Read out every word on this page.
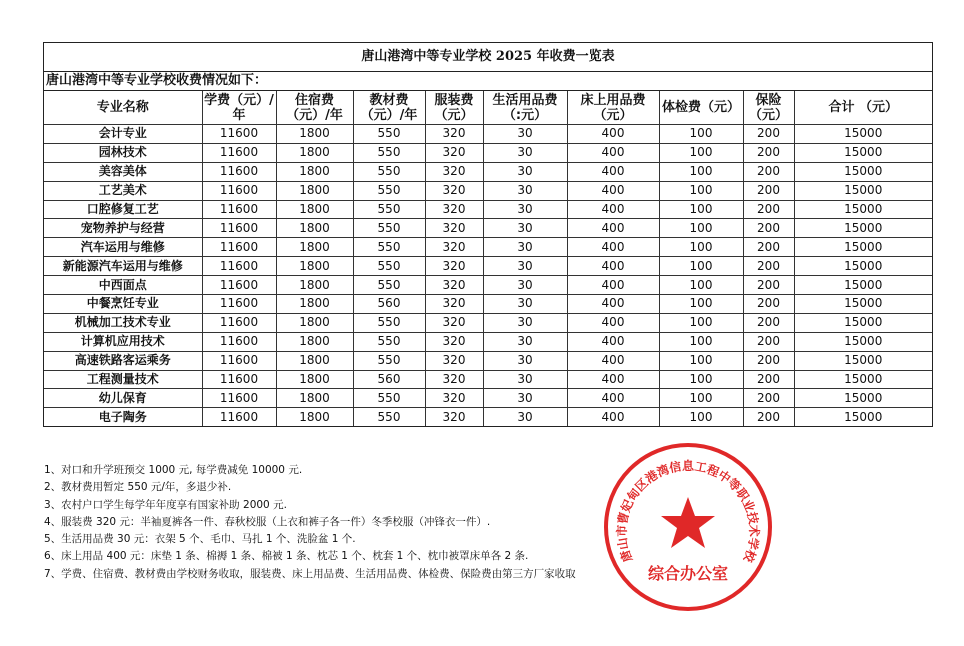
唐山港湾中等专业学校 2025 年收费一览表
唐山港湾中等专业学校收费情况如下：
专业名称	学费（元）/年	住宿费（元）/年	教材费（元）/年	服装费（元）	生活用品费（:元）	床上用品费（元）	体检费（元）	保险（元）	合计 （元）
会计专业	11600	1800	550	320	30	400	100	200	15000
园林技术	11600	1800	550	320	30	400	100	200	15000
美容美体	11600	1800	550	320	30	400	100	200	15000
工艺美术	11600	1800	550	320	30	400	100	200	15000
口腔修复工艺	11600	1800	550	320	30	400	100	200	15000
宠物养护与经营	11600	1800	550	320	30	400	100	200	15000
汽车运用与维修	11600	1800	550	320	30	400	100	200	15000
新能源汽车运用与维修	11600	1800	550	320	30	400	100	200	15000
中西面点	11600	1800	550	320	30	400	100	200	15000
中餐烹饪专业	11600	1800	560	320	30	400	100	200	15000
机械加工技术专业	11600	1800	550	320	30	400	100	200	15000
计算机应用技术	11600	1800	550	320	30	400	100	200	15000
高速铁路客运乘务	11600	1800	550	320	30	400	100	200	15000
工程测量技术	11600	1800	560	320	30	400	100	200	15000
幼儿保育	11600	1800	550	320	30	400	100	200	15000
电子陶务	11600	1800	550	320	30	400	100	200	15000
1、对口和升学班预交 1000 元, 每学费减免 10000 元.
2、教材费用暂定 550 元/年，多退少补.
3、农村户口学生每学年年度享有国家补助 2000 元.
4、服装费 320 元：半袖夏裤各一件、春秋校服（上衣和裤子各一件）冬季校服（冲锋衣一件）.
5、生活用品费 30 元：衣架 5 个、毛巾、马扎 1 个、洗脸盆 1 个.
6、床上用品 400 元：床垫 1 条、棉褥 1 条、棉被 1 条、枕芯 1 个、枕套 1 个、枕巾被罩床单各 2 条.
7、学费、住宿费、教材费由学校财务收取，服装费、床上用品费、生活用品费、体检费、保险费由第三方厂家收取
唐山市曹妃甸区港湾信息工程中等职业技术学校
综合办公室
